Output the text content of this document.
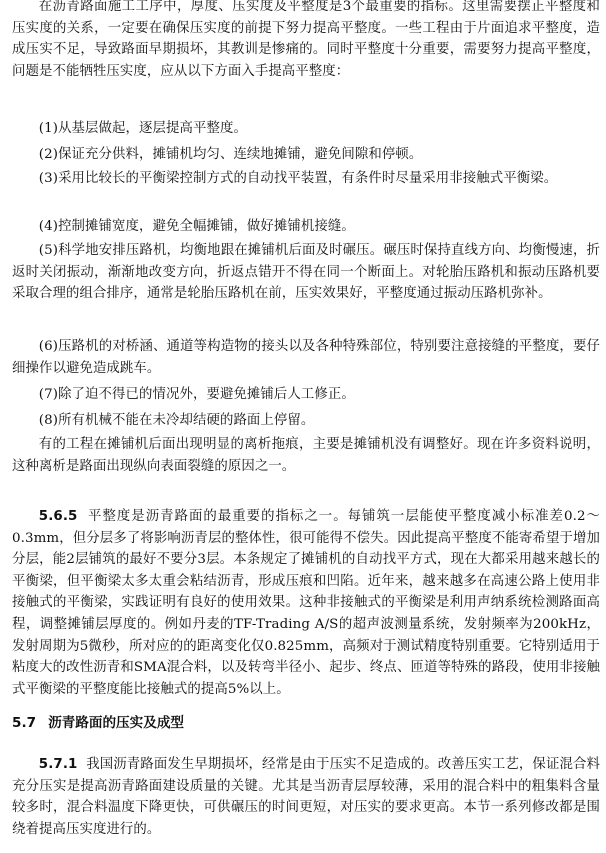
在沥青路面施工工序中，厚度、压实度及平整度是3个最重要的指标。这里需要摆正平整度和压实度的关系，一定要在确保压实度的前提下努力提高平整度。一些工程由于片面追求平整度，造成压实不足，导致路面早期损坏，其教训是惨痛的。同时平整度十分重要，需要努力提高平整度，问题是不能牺牲压实度，应从以下方面入手提高平整度：

(1)从基层做起，逐层提高平整度。

(2)保证充分供料，摊铺机均匀、连续地摊铺，避免间隙和停顿。

(3)采用比较长的平衡梁控制方式的自动找平装置，有条件时尽量采用非接触式平衡梁。

(4)控制摊铺宽度，避免全幅摊铺，做好摊铺机接缝。

(5)科学地安排压路机，均衡地跟在摊铺机后面及时碾压。碾压时保持直线方向、均衡慢速，折返时关闭振动，渐渐地改变方向，折返点错开不得在同一个断面上。对轮胎压路机和振动压路机要采取合理的组合排序，通常是轮胎压路机在前，压实效果好，平整度通过振动压路机弥补。

(6)压路机的对桥涵、通道等构造物的接头以及各种特殊部位，特别要注意接缝的平整度，要仔细操作以避免造成跳车。

(7)除了迫不得已的情况外，要避免摊铺后人工修正。

(8)所有机械不能在未冷却结硬的路面上停留。

有的工程在摊铺机后面出现明显的离析拖痕，主要是摊铺机没有调整好。现在许多资料说明，这种离析是路面出现纵向表面裂缝的原因之一。

5.6.5 平整度是沥青路面的最重要的指标之一。每铺筑一层能使平整度减小标准差0.2～0.3mm，但分层多了将影响沥青层的整体性，很可能得不偿失。因此提高平整度不能寄希望于增加分层，能2层铺筑的最好不要分3层。本条规定了摊铺机的自动找平方式，现在大都采用越来越长的平衡梁，但平衡梁太多太重会粘结沥青，形成压痕和凹陷。近年来，越来越多在高速公路上使用非接触式的平衡梁，实践证明有良好的使用效果。这种非接触式的平衡梁是利用声纳系统检测路面高程，调整摊铺层厚度的。例如丹麦的TF-Trading A/S的超声波测量系统，发射频率为200kHz，发射周期为5微秒，所对应的的距离变化仅0.825mm，高频对于测试精度特别重要。它特别适用于粘度大的改性沥青和SMA混合料，以及转弯半径小、起步、终点、匝道等特殊的路段，使用非接触式平衡梁的平整度能比接触式的提高5%以上。

5.7 沥青路面的压实及成型

5.7.1 我国沥青路面发生早期损坏，经常是由于压实不足造成的。改善压实工艺，保证混合料充分压实是提高沥青路面建设质量的关键。尤其是当沥青层厚较薄，采用的混合料中的粗集料含量较多时，混合料温度下降更快，可供碾压的时间更短，对压实的要求更高。本节一系列修改都是围绕着提高压实度进行的。
